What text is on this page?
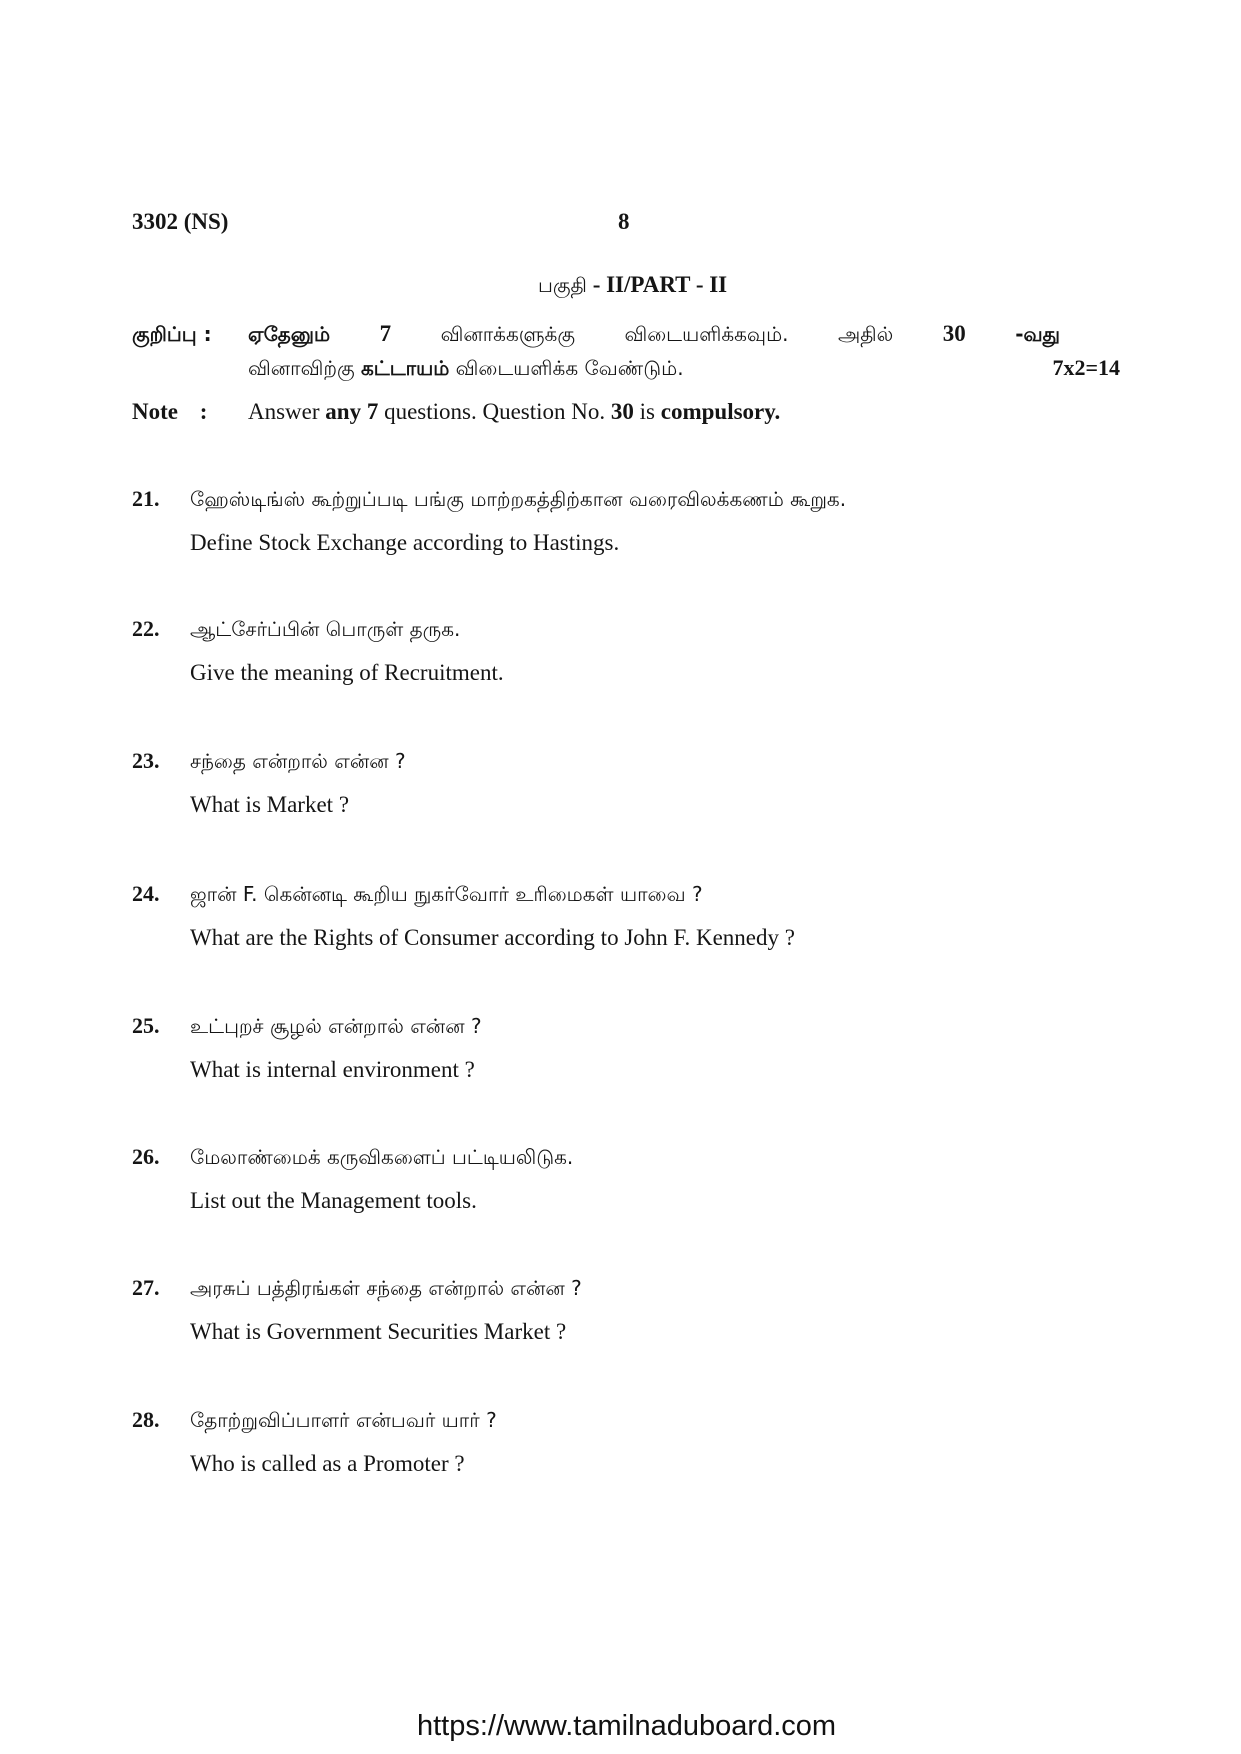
3302 (NS)	8
பகுதி - II/PART - II
குறிப்பு : ஏதேனும் 7 வினாக்களுக்கு விடையளிக்கவும். அதில் 30 -வது
வினாவிற்கு கட்டாயம் விடையளிக்க வேண்டும்.	7x2=14
Note : Answer any 7 questions. Question No. 30 is compulsory.
21. ஹேஸ்டிங்ஸ் கூற்றுப்படி பங்கு மாற்றகத்திற்கான வரைவிலக்கணம் கூறுக.
Define Stock Exchange according to Hastings.
22. ஆட்சேர்ப்பின் பொருள் தருக.
Give the meaning of Recruitment.
23. சந்தை என்றால் என்ன ?
What is Market ?
24. ஜான் F. கென்னடி கூறிய நுகர்வோர் உரிமைகள் யாவை ?
What are the Rights of Consumer according to John F. Kennedy ?
25. உட்புறச் சூழல் என்றால் என்ன ?
What is internal environment ?
26. மேலாண்மைக் கருவிகளைப் பட்டியலிடுக.
List out the Management tools.
27. அரசுப் பத்திரங்கள் சந்தை என்றால் என்ன ?
What is Government Securities Market ?
28. தோற்றுவிப்பாளர் என்பவர் யார் ?
Who is called as a Promoter ?
https://www.tamilnaduboard.com
